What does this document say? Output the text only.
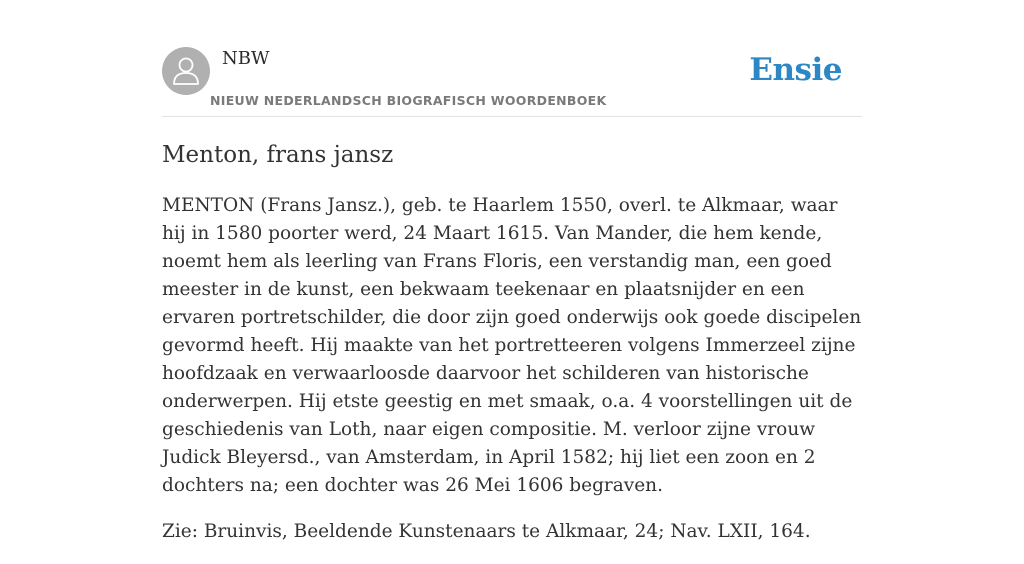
NBW
NIEUW NEDERLANDSCH BIOGRAFISCH WOORDENBOEK
Ensie
Menton, frans jansz

MENTON (Frans Jansz.), geb. te Haarlem 1550, overl. te Alkmaar, waar hij in 1580 poorter werd, 24 Maart 1615. Van Mander, die hem kende, noemt hem als leerling van Frans Floris, een verstandig man, een goed meester in de kunst, een bekwaam teekenaar en plaatsnijder en een ervaren portretschilder, die door zijn goed onderwijs ook goede discipelen gevormd heeft. Hij maakte van het portretteeren volgens Immerzeel zijne hoofdzaak en verwaarloosde daarvoor het schilderen van historische onderwerpen. Hij etste geestig en met smaak, o.a. 4 voorstellingen uit de geschiedenis van Loth, naar eigen compositie. M. verloor zijne vrouw Judick Bleyersd., van Amsterdam, in April 1582; hij liet een zoon en 2 dochters na; een dochter was 26 Mei 1606 begraven.

Zie: Bruinvis, Beeldende Kunstenaars te Alkmaar, 24; Nav. LXII, 164.
